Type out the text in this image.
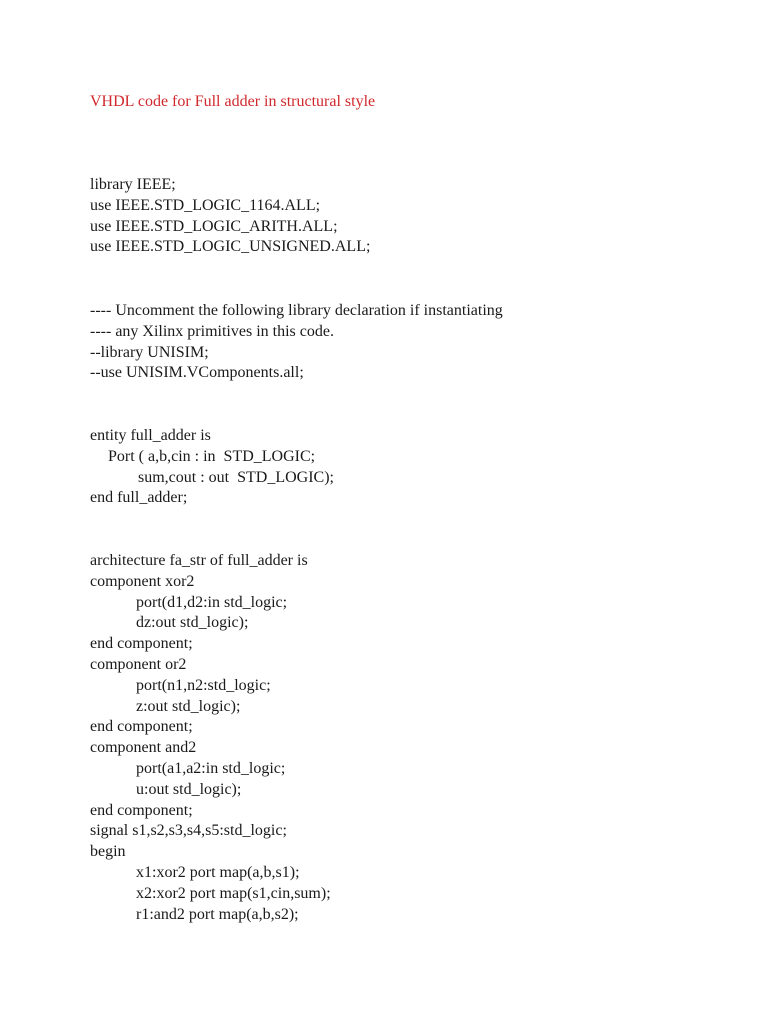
VHDL code for Full adder in structural style
library IEEE;
use IEEE.STD_LOGIC_1164.ALL;
use IEEE.STD_LOGIC_ARITH.ALL;
use IEEE.STD_LOGIC_UNSIGNED.ALL;
---- Uncomment the following library declaration if instantiating
---- any Xilinx primitives in this code.
--library UNISIM;
--use UNISIM.VComponents.all;
entity full_adder is
Port ( a,b,cin : in  STD_LOGIC;
sum,cout : out  STD_LOGIC);
end full_adder;
architecture fa_str of full_adder is
component xor2
port(d1,d2:in std_logic;
dz:out std_logic);
end component;
component or2
port(n1,n2:std_logic;
z:out std_logic);
end component;
component and2
port(a1,a2:in std_logic;
u:out std_logic);
end component;
signal s1,s2,s3,s4,s5:std_logic;
begin
x1:xor2 port map(a,b,s1);
x2:xor2 port map(s1,cin,sum);
r1:and2 port map(a,b,s2);
